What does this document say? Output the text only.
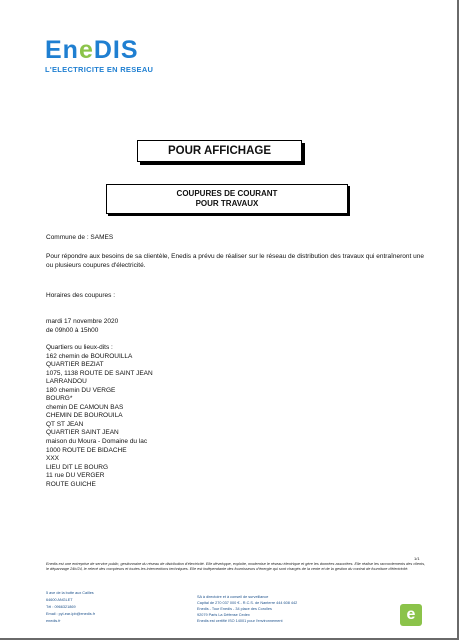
EneDIS
L'ELECTRICITE EN RESEAU
POUR AFFICHAGE
COUPURES DE COURANT
POUR TRAVAUX
Commune de : SAMES
Pour répondre aux besoins de sa clientèle, Enedis a prévu de réaliser sur le réseau de distribution des travaux qui entraîneront une ou plusieurs coupures d'électricité.
Horaires des coupures :
mardi 17 novembre 2020
de 09h00 à 15h00
Quartiers ou lieux-dits :
162 chemin de BOUROUILLA
QUARTIER BEZIAT
1075, 1138 ROUTE DE SAINT JEAN
LARRANDOU
180 chemin DU VERGE
BOURG*
chemin DE CAMOUN BAS
CHEMIN DE BOUROUILA
QT ST JEAN
QUARTIER SAINT JEAN
maison du Moura - Domaine du lac
1000 ROUTE DE BIDACHE
XXX
LIEU DIT LE BOURG
11 rue DU VERGER
ROUTE GUICHE
1/1
Enedis est une entreprise de service public, gestionnaire du réseau de distribution d'électricité. Elle développe, exploite, modernise le réseau électrique et gère les données associées. Elle réalise les raccordements des clients, le dépannage 24h/24, le relevé des compteurs et toutes les interventions techniques. Elle est indépendante des fournisseurs d'énergie qui sont chargés de la vente et de la gestion du contrat de fourniture d'électricité.
5 ave de la butte aux Cailles
64600 ANGLET
Tél : 0966321869
Email : pyl-ear-lpb@enedis.fr
enedis.fr
SA à directoire et à conseil de surveillance
Capital de 270 037 000 € - R.C.S. de Nanterre 444 608 442
Enedis - Tour Enedis - 34 place des Corolles
92079 Paris La Défense Cedex
Enedis est certifié ISO 14001 pour l'environnement	e
